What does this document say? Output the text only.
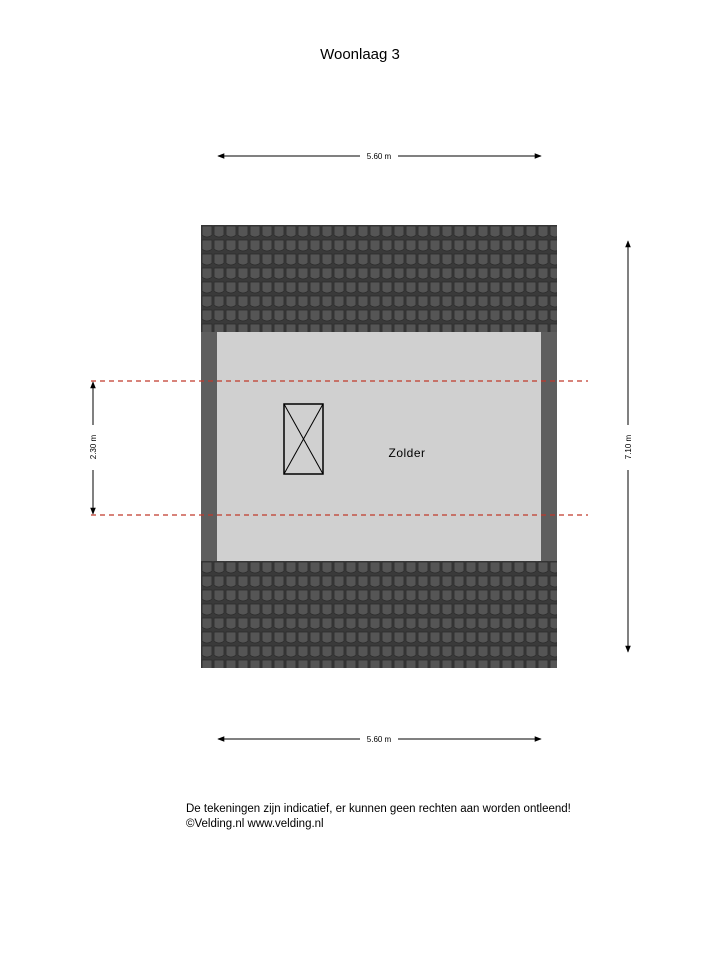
Woonlaag 3
5.60 m
Zolder
2.30 m	7.10 m
5.60 m
De tekeningen zijn indicatief, er kunnen geen rechten aan worden ontleend!
©Velding.nl www.velding.nl
